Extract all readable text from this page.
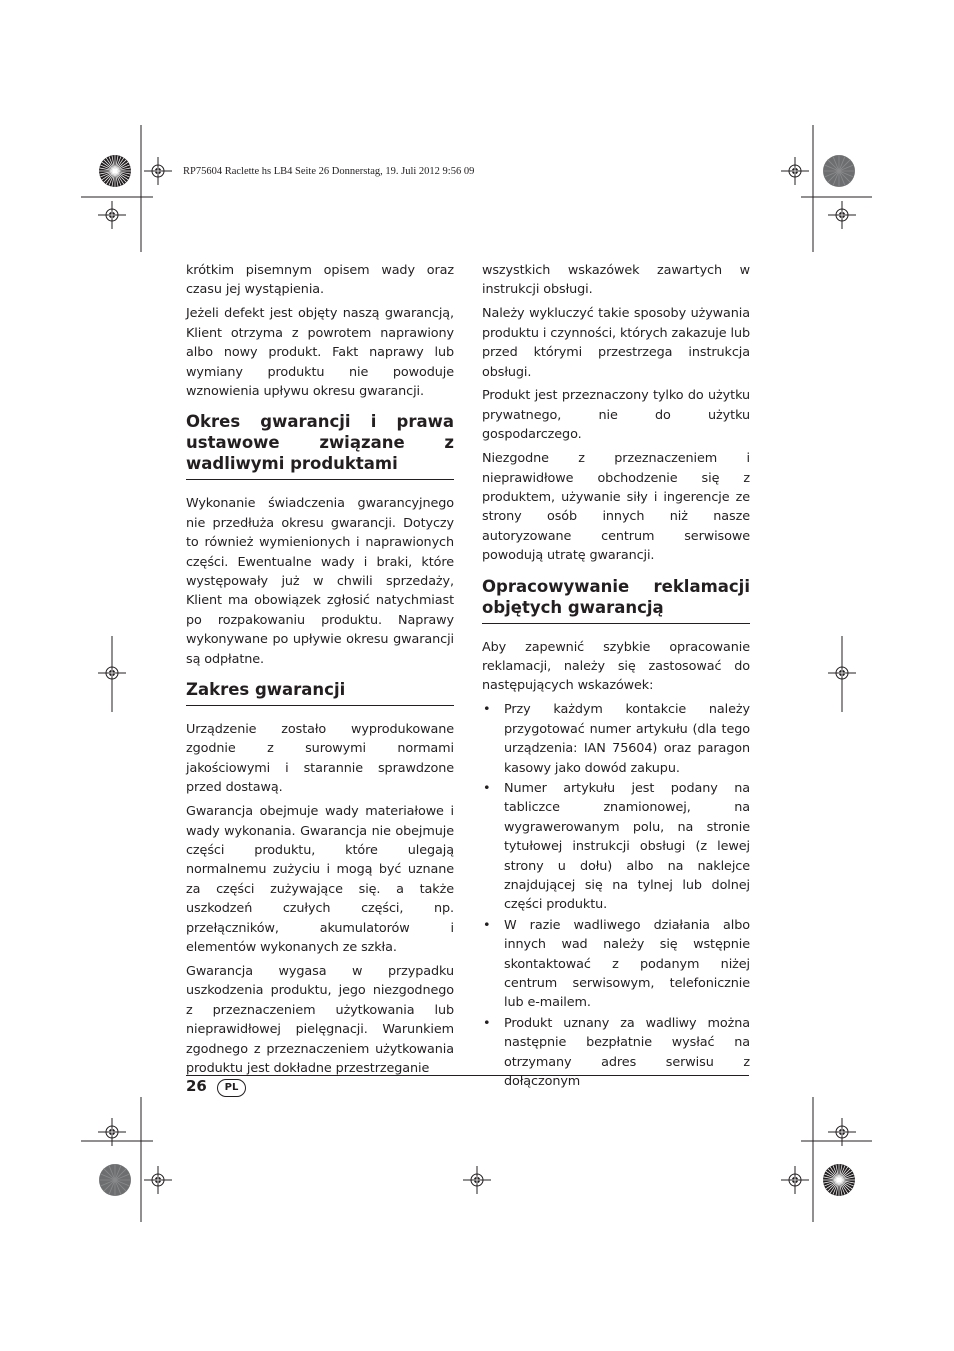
RP75604 Raclette hs LB4 Seite 26 Donnerstag, 19. Juli 2012 9:56 09

krótkim pisemnym opisem wady oraz czasu jej wystąpienia.

Jeżeli defekt jest objęty naszą gwarancją, Klient otrzyma z powrotem naprawiony albo nowy produkt. Fakt naprawy lub wymiany produktu nie powoduje wznowienia upływu okresu gwarancji.

Okres gwarancji i prawa ustawowe związane z wadliwymi produktami

Wykonanie świadczenia gwarancyjnego nie przedłuża okresu gwarancji. Dotyczy to również wymienionych i naprawionych części. Ewentualne wady i braki, które występowały już w chwili sprzedaży, Klient ma obowiązek zgłosić natychmiast po rozpakowaniu produktu. Naprawy wykonywane po upływie okresu gwarancji są odpłatne.

Zakres gwarancji

Urządzenie zostało wyprodukowane zgodnie z surowymi normami jakościowymi i starannie sprawdzone przed dostawą.

Gwarancja obejmuje wady materiałowe i wady wykonania. Gwarancja nie obejmuje części produktu, które ulegają normalnemu zużyciu i mogą być uznane za części zużywające się. a także uszkodzeń czułych części, np. przełączników, akumulatorów i elementów wykonanych ze szkła.

Gwarancja wygasa w przypadku uszkodzenia produktu, jego niezgodnego z przeznaczeniem użytkowania lub nieprawidłowej pielęgnacji. Warunkiem zgodnego z przeznaczeniem użytkowania produktu jest dokładne przestrzeganie

wszystkich wskazówek zawartych w instrukcji obsługi.

Należy wykluczyć takie sposoby używania produktu i czynności, których zakazuje lub przed którymi przestrzega instrukcja obsługi.

Produkt jest przeznaczony tylko do użytku prywatnego, nie do użytku gospodarczego.

Niezgodne z przeznaczeniem i nieprawidłowe obchodzenie się z produktem, używanie siły i ingerencje ze strony osób innych niż nasze autoryzowane centrum serwisowe powodują utratę gwarancji.

Opracowywanie reklamacji objętych gwarancją

Aby zapewnić szybkie opracowanie reklamacji, należy się zastosować do następujących wskazówek:

• Przy każdym kontakcie należy przygotować numer artykułu (dla tego urządzenia: IAN 75604) oraz paragon kasowy jako dowód zakupu.

• Numer artykułu jest podany na tabliczce znamionowej, na wygrawerowanym polu, na stronie tytułowej instrukcji obsługi (z lewej strony u dołu) albo na naklejce znajdującej się na tylnej lub dolnej części produktu.

• W razie wadliwego działania albo innych wad należy się wstępnie skontaktować z podanym niżej centrum serwisowym, telefonicznie lub e-mailem.

• Produkt uznany za wadliwy można następnie bezpłatnie wysłać na otrzymany adres serwisu z dołączonym

26	PL
